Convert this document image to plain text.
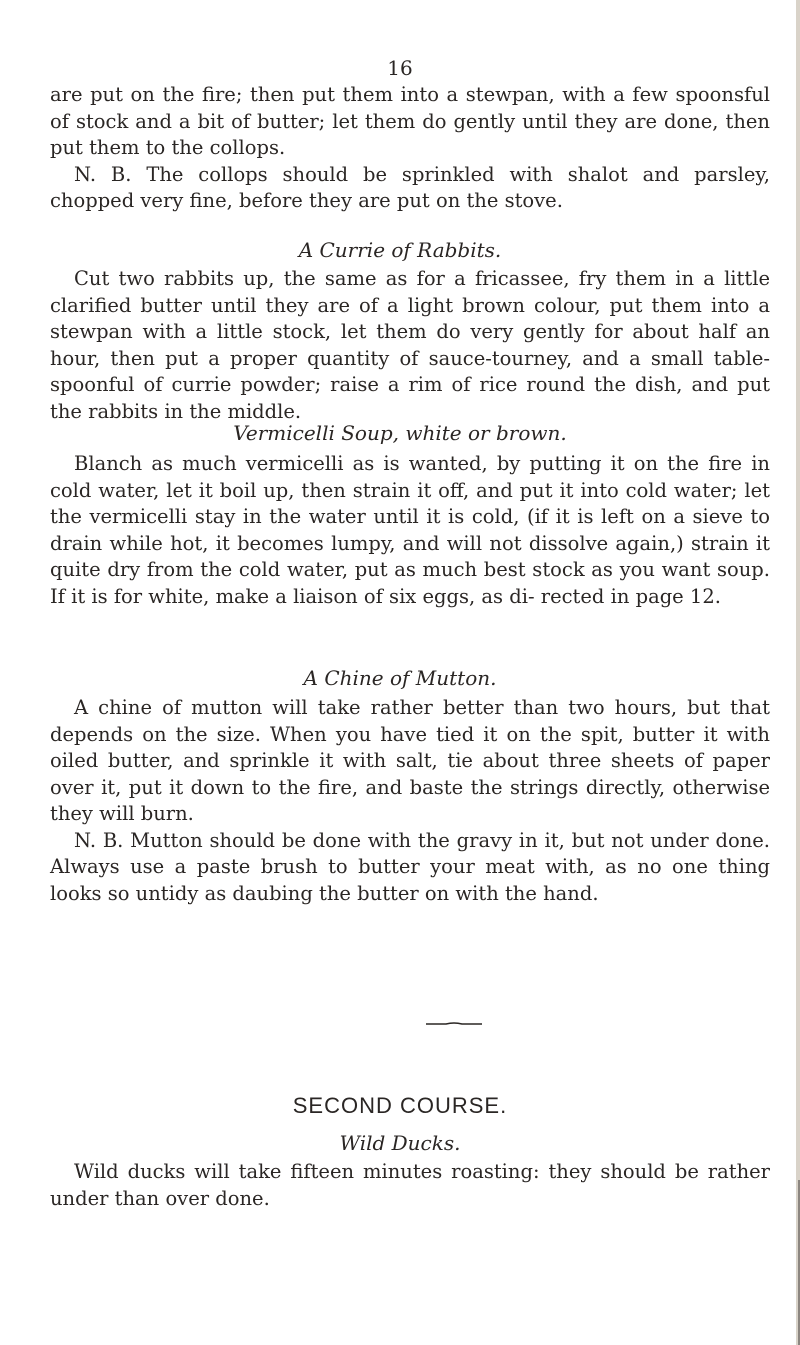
16

are put on the fire; then put them into a stewpan, with a few spoonsful of stock and a bit of butter; let them do gently until they are done, then put them to the collops.

N. B. The collops should be sprinkled with shalot and parsley, chopped very fine, before they are put on the stove.

A Currie of Rabbits.

Cut two rabbits up, the same as for a fricassee, fry them in a little clarified butter until they are of a light brown colour, put them into a stewpan with a little stock, let them do very gently for about half an hour, then put a proper quantity of sauce-tourney, and a small table-spoonful of currie powder; raise a rim of rice round the dish, and put the rabbits in the middle.

Vermicelli Soup, white or brown.

Blanch as much vermicelli as is wanted, by putting it on the fire in cold water, let it boil up, then strain it off, and put it into cold water; let the vermicelli stay in the water until it is cold, (if it is left on a sieve to drain while hot, it becomes lumpy, and will not dissolve again,) strain it quite dry from the cold water, put as much best stock as you want soup. If it is for white, make a liaison of six eggs, as di- rected in page 12.

A Chine of Mutton.

A chine of mutton will take rather better than two hours, but that depends on the size. When you have tied it on the spit, butter it with oiled butter, and sprinkle it with salt, tie about three sheets of paper over it, put it down to the fire, and baste the strings directly, otherwise they will burn.

N. B. Mutton should be done with the gravy in it, but not under done. Always use a paste brush to butter your meat with, as no one thing looks so untidy as daubing the butter on with the hand.

SECOND COURSE.
Wild Ducks.

Wild ducks will take fifteen minutes roasting: they should be rather under than over done.
